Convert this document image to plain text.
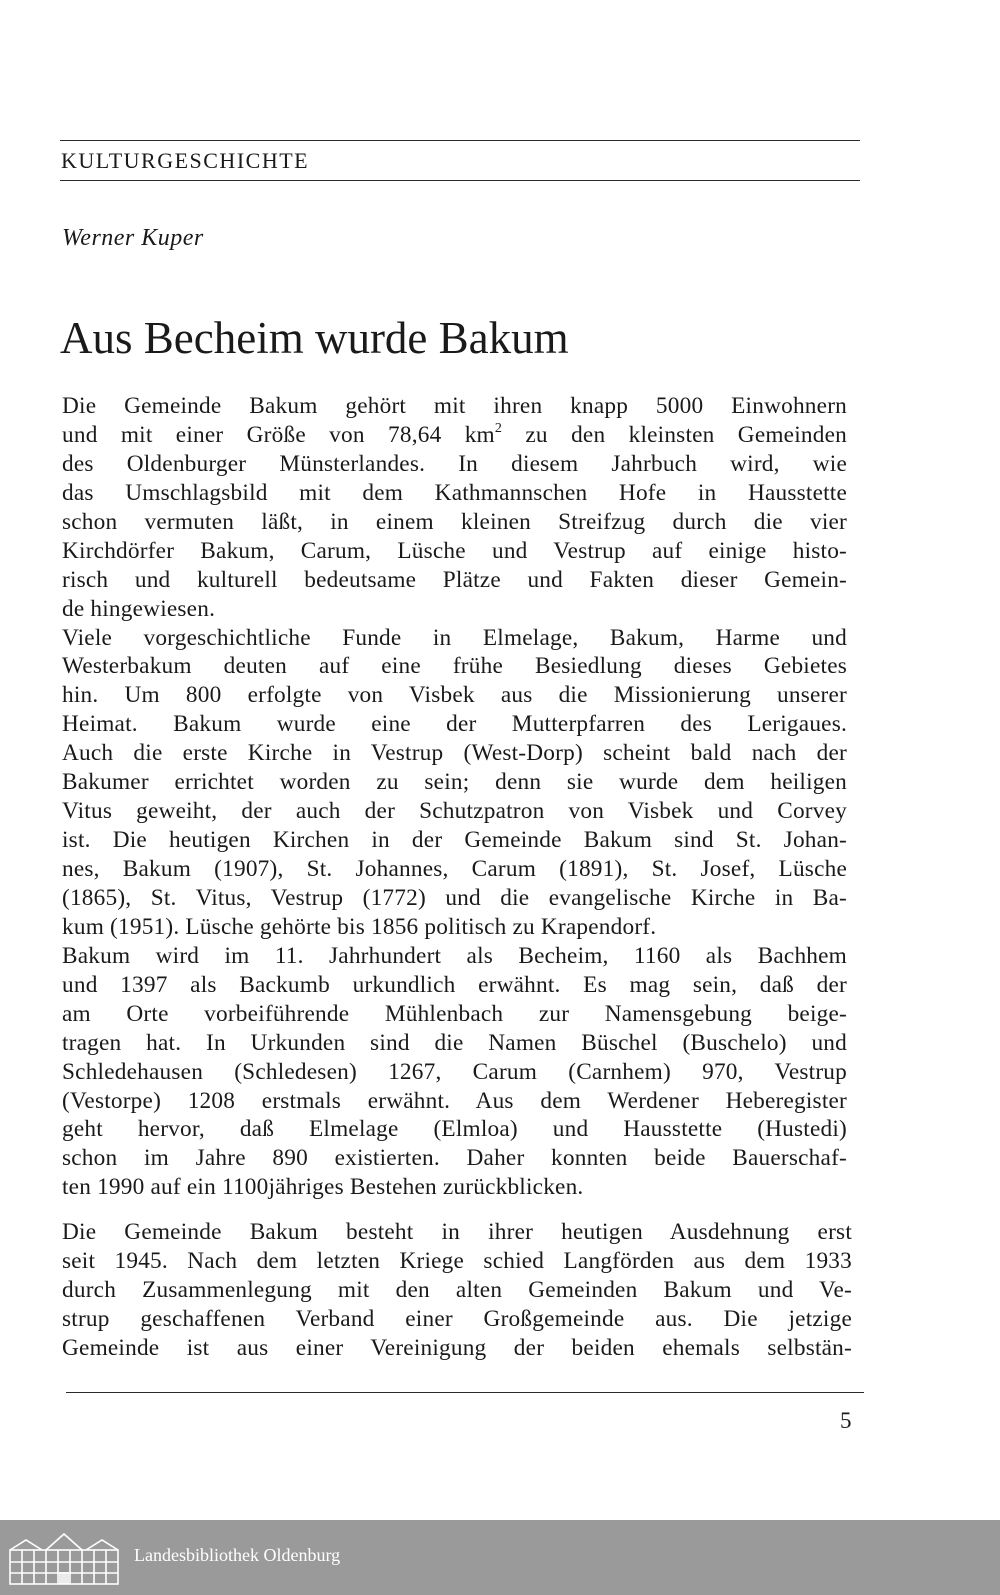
KULTURGESCHICHTE
Werner Kuper
Aus Becheim wurde Bakum
Die Gemeinde Bakum gehört mit ihren knapp 5000 Einwohnern
und mit einer Größe von 78,64 $km^2$ zu den kleinsten Gemeinden
des Oldenburger Münsterlandes. In diesem Jahrbuch wird, wie
das Umschlagsbild mit dem Kathmannschen Hofe in Hausstette
schon vermuten läßt, in einem kleinen Streifzug durch die vier
Kirchdörfer Bakum, Carum, Lüsche und Vestrup auf einige histo-
risch und kulturell bedeutsame Plätze und Fakten dieser Gemein-
de hingewiesen.
Viele vorgeschichtliche Funde in Elmelage, Bakum, Harme und
Westerbakum deuten auf eine frühe Besiedlung dieses Gebietes
hin. Um 800 erfolgte von Visbek aus die Missionierung unserer
Heimat. Bakum wurde eine der Mutterpfarren des Lerigaues.
Auch die erste Kirche in Vestrup (West-Dorp) scheint bald nach der
Bakumer errichtet worden zu sein; denn sie wurde dem heiligen
Vitus geweiht, der auch der Schutzpatron von Visbek und Corvey
ist. Die heutigen Kirchen in der Gemeinde Bakum sind St. Johan-
nes, Bakum (1907), St. Johannes, Carum (1891), St. Josef, Lüsche
(1865), St. Vitus, Vestrup (1772) und die evangelische Kirche in Ba-
kum (1951). Lüsche gehörte bis 1856 politisch zu Krapendorf.
Bakum wird im 11. Jahrhundert als Becheim, 1160 als Bachhem
und 1397 als Backumb urkundlich erwähnt. Es mag sein, daß der
am Orte vorbeiführende Mühlenbach zur Namensgebung beige-
tragen hat. In Urkunden sind die Namen Büschel (Buschelo) und
Schledehausen (Schledesen) 1267, Carum (Carnhem) 970, Vestrup
(Vestorpe) 1208 erstmals erwähnt. Aus dem Werdener Heberegister
geht hervor, daß Elmelage (Elmloa) und Hausstette (Hustedi)
schon im Jahre 890 existierten. Daher konnten beide Bauerschaf-
ten 1990 auf ein 1100jähriges Bestehen zurückblicken.
Die Gemeinde Bakum besteht in ihrer heutigen Ausdehnung erst
seit 1945. Nach dem letzten Kriege schied Langförden aus dem 1933
durch Zusammenlegung mit den alten Gemeinden Bakum und Ve-
strup geschaffenen Verband einer Großgemeinde aus. Die jetzige
Gemeinde ist aus einer Vereinigung der beiden ehemals selbstän-
5
Landesbibliothek Oldenburg
